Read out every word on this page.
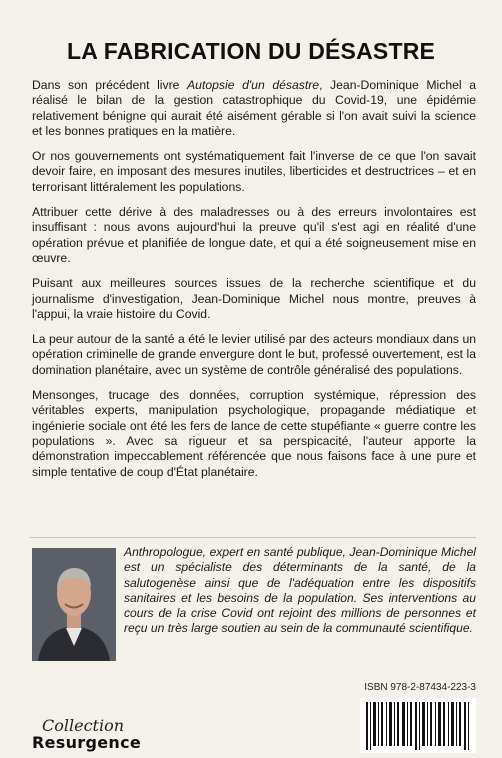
LA FABRICATION DU DÉSASTRE

Dans son précédent livre Autopsie d'un désastre, Jean-Dominique Michel a réalisé le bilan de la gestion catastrophique du Covid-19, une épidémie relativement bénigne qui aurait été aisément gérable si l'on avait suivi la science et les bonnes pratiques en la matière.

Or nos gouvernements ont systématiquement fait l'inverse de ce que l'on savait devoir faire, en imposant des mesures inutiles, liberticides et destructrices – et en terrorisant littéralement les populations.

Attribuer cette dérive à des maladresses ou à des erreurs involontaires est insuffisant : nous avons aujourd'hui la preuve qu'il s'est agi en réalité d'une opération prévue et planifiée de longue date, et qui a été soigneusement mise en œuvre.

Puisant aux meilleures sources issues de la recherche scientifique et du journalisme d'investigation, Jean-Dominique Michel nous montre, preuves à l'appui, la vraie histoire du Covid.

La peur autour de la santé a été le levier utilisé par des acteurs mondiaux dans un opération criminelle de grande envergure dont le but, professé ouvertement, est la domination planétaire, avec un système de contrôle généralisé des populations.

Mensonges, trucage des données, corruption systémique, répression des véritables experts, manipulation psychologique, propagande médiatique et ingénierie sociale ont été les fers de lance de cette stupéfiante « guerre contre les populations ». Avec sa rigueur et sa perspicacité, l'auteur apporte la démonstration impeccablement référencée que nous faisons face à une pure et simple tentative de coup d'État planétaire.

Anthropologue, expert en santé publique, Jean-Dominique Michel est un spécialiste des déterminants de la santé, de la salutogenèse ainsi que de l'adéquation entre les dispositifs sanitaires et les besoins de la population. Ses interventions au cours de la crise Covid ont rejoint des millions de personnes et reçu un très large soutien au sein de la communauté scientifique.
ISBN 978-2-87434-223-3
Collection
Resurgence
